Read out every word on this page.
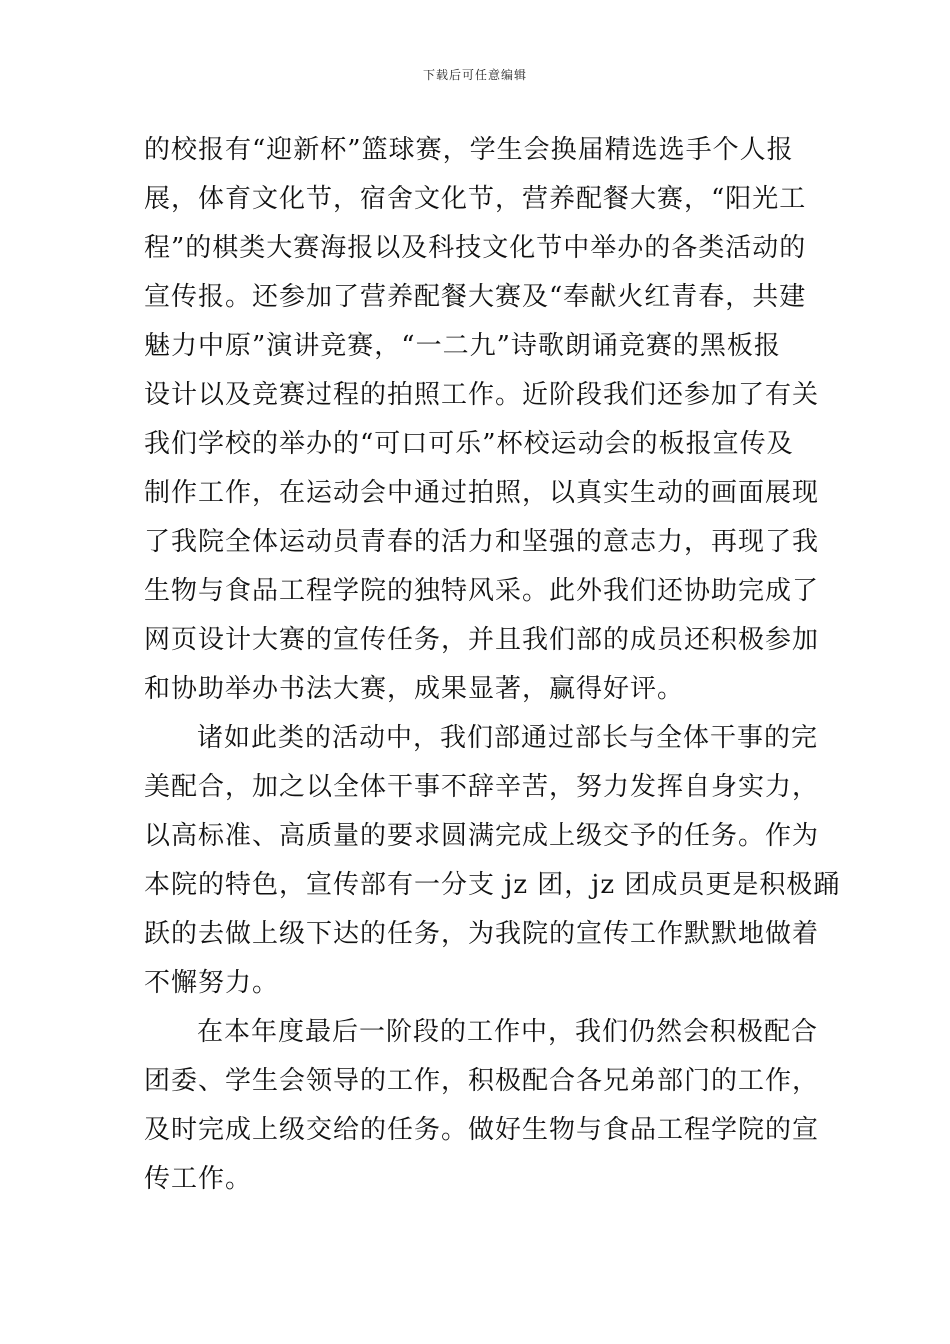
下载后可任意编辑
的校报有“迎新杯”篮球赛，学生会换届精选选手个人报
展，体育文化节，宿舍文化节，营养配餐大赛，“阳光工
程”的棋类大赛海报以及科技文化节中举办的各类活动的
宣传报。还参加了营养配餐大赛及“奉献火红青春，共建
魅力中原”演讲竞赛，“一二九”诗歌朗诵竞赛的黑板报
设计以及竞赛过程的拍照工作。近阶段我们还参加了有关
我们学校的举办的“可口可乐”杯校运动会的板报宣传及
制作工作，在运动会中通过拍照，以真实生动的画面展现
了我院全体运动员青春的活力和坚强的意志力，再现了我
生物与食品工程学院的独特风采。此外我们还协助完成了
网页设计大赛的宣传任务，并且我们部的成员还积极参加
和协助举办书法大赛，成果显著，赢得好评。
诸如此类的活动中，我们部通过部长与全体干事的完
美配合，加之以全体干事不辞辛苦，努力发挥自身实力，
以高标准、高质量的要求圆满完成上级交予的任务。作为
本院的特色，宣传部有一分支 jz 团，jz 团成员更是积极踊
跃的去做上级下达的任务，为我院的宣传工作默默地做着
不懈努力。
在本年度最后一阶段的工作中，我们仍然会积极配合
团委、学生会领导的工作，积极配合各兄弟部门的工作，
及时完成上级交给的任务。做好生物与食品工程学院的宣
传工作。
